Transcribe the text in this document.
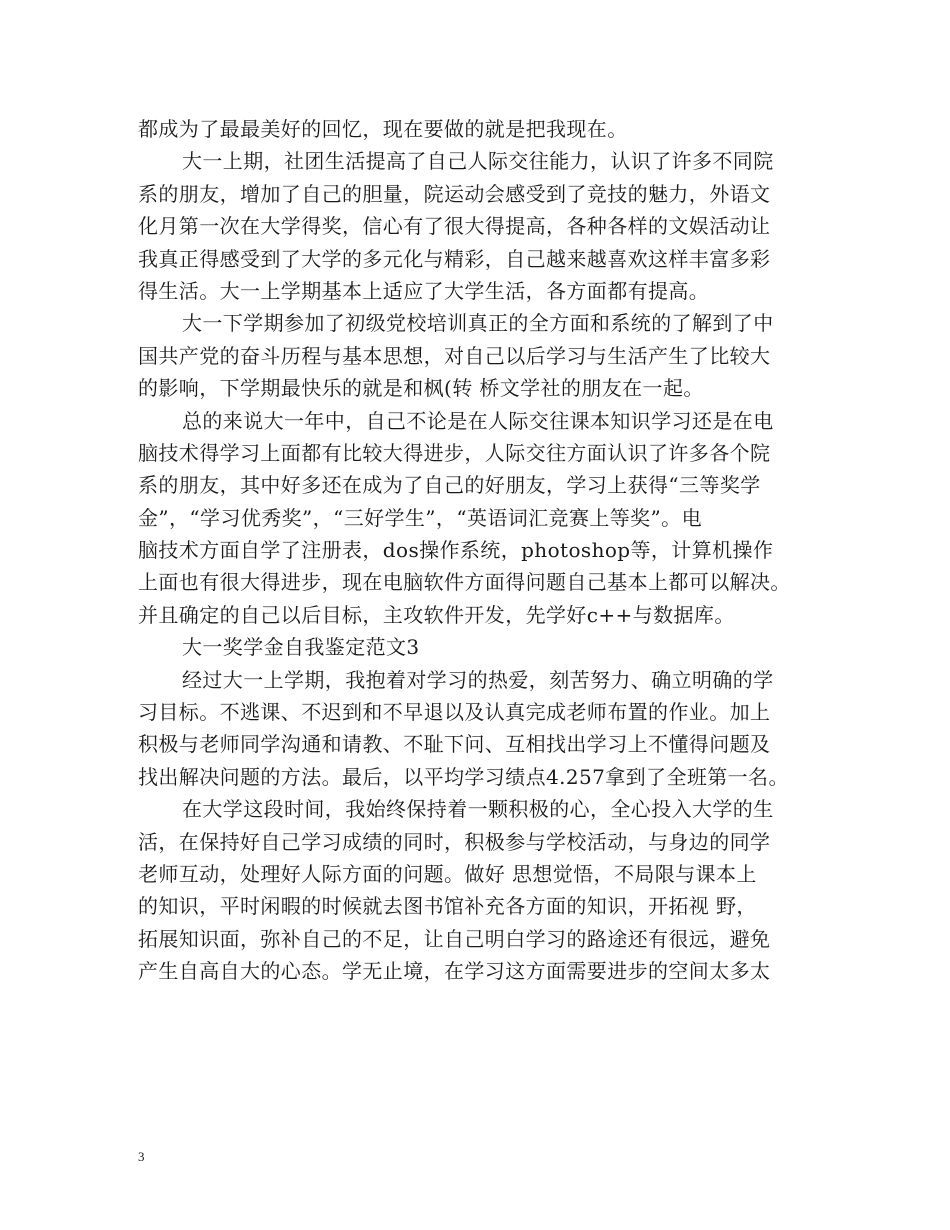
都成为了最最美好的回忆，现在要做的就是把我现在。
大一上期，社团生活提高了自己人际交往能力，认识了许多不同院
系的朋友，增加了自己的胆量，院运动会感受到了竞技的魅力，外语文
化月第一次在大学得奖，信心有了很大得提高，各种各样的文娱活动让
我真正得感受到了大学的多元化与精彩，自己越来越喜欢这样丰富多彩
得生活。大一上学期基本上适应了大学生活，各方面都有提高。
大一下学期参加了初级党校培训真正的全方面和系统的了解到了中
国共产党的奋斗历程与基本思想，对自己以后学习与生活产生了比较大
的影响，下学期最快乐的就是和枫(转 桥文学社的朋友在一起。
总的来说大一年中，自己不论是在人际交往课本知识学习还是在电
脑技术得学习上面都有比较大得进步，人际交往方面认识了许多各个院
系的朋友，其中好多还在成为了自己的好朋友，学习上获得“三等奖学
金”，“学习优秀奖”，“三好学生”，“英语词汇竞赛上等奖”。电
脑技术方面自学了注册表，dos操作系统，photoshop等，计算机操作
上面也有很大得进步，现在电脑软件方面得问题自己基本上都可以解决。
并且确定的自己以后目标，主攻软件开发，先学好c++与数据库。
大一奖学金自我鉴定范文3
经过大一上学期，我抱着对学习的热爱，刻苦努力、确立明确的学
习目标。不逃课、不迟到和不早退以及认真完成老师布置的作业。加上
积极与老师同学沟通和请教、不耻下问、互相找出学习上不懂得问题及
找出解决问题的方法。最后，以平均学习绩点4.257拿到了全班第一名。
在大学这段时间，我始终保持着一颗积极的心，全心投入大学的生
活，在保持好自己学习成绩的同时，积极参与学校活动，与身边的同学
老师互动，处理好人际方面的问题。做好 思想觉悟，不局限与课本上
的知识，平时闲暇的时候就去图书馆补充各方面的知识，开拓视 野，
拓展知识面，弥补自己的不足，让自己明白学习的路途还有很远，避免
产生自高自大的心态。学无止境，在学习这方面需要进步的空间太多太
3
